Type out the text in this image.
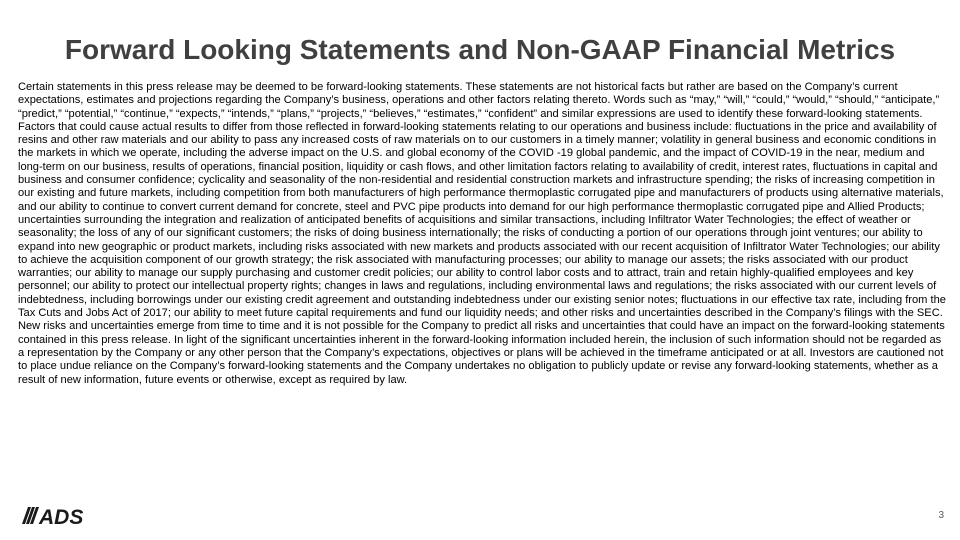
Forward Looking Statements and Non-GAAP Financial Metrics

Certain statements in this press release may be deemed to be forward-looking statements. These statements are not historical facts but rather are based on the Company’s current expectations, estimates and projections regarding the Company’s business, operations and other factors relating thereto. Words such as “may,” “will,” “could,” “would,” “should,” “anticipate,” “predict,” “potential,” “continue,” “expects,” “intends,” “plans,” “projects,” “believes,” “estimates,” “confident” and similar expressions are used to identify these forward-looking statements. Factors that could cause actual results to differ from those reflected in forward-looking statements relating to our operations and business include: fluctuations in the price and availability of resins and other raw materials and our ability to pass any increased costs of raw materials on to our customers in a timely manner; volatility in general business and economic conditions in the markets in which we operate, including the adverse impact on the U.S. and global economy of the COVID -19 global pandemic, and the impact of COVID-19 in the near, medium and long-term on our business, results of operations, financial position, liquidity or cash flows, and other limitation factors relating to availability of credit, interest rates, fluctuations in capital and business and consumer confidence; cyclicality and seasonality of the non-residential and residential construction markets and infrastructure spending; the risks of increasing competition in our existing and future markets, including competition from both manufacturers of high performance thermoplastic corrugated pipe and manufacturers of products using alternative materials, and our ability to continue to convert current demand for concrete, steel and PVC pipe products into demand for our high performance thermoplastic corrugated pipe and Allied Products; uncertainties surrounding the integration and realization of anticipated benefits of acquisitions and similar transactions, including Infiltrator Water Technologies; the effect of weather or seasonality; the loss of any of our significant customers; the risks of doing business internationally; the risks of conducting a portion of our operations through joint ventures; our ability to expand into new geographic or product markets, including risks associated with new markets and products associated with our recent acquisition of Infiltrator Water Technologies; our ability to achieve the acquisition component of our growth strategy; the risk associated with manufacturing processes; our ability to manage our assets; the risks associated with our product warranties; our ability to manage our supply purchasing and customer credit policies; our ability to control labor costs and to attract, train and retain highly-qualified employees and key personnel; our ability to protect our intellectual property rights; changes in laws and regulations, including environmental laws and regulations; the risks associated with our current levels of indebtedness, including borrowings under our existing credit agreement and outstanding indebtedness under our existing senior notes; fluctuations in our effective tax rate, including from the Tax Cuts and Jobs Act of 2017; our ability to meet future capital requirements and fund our liquidity needs; and other risks and uncertainties described in the Company’s filings with the SEC. New risks and uncertainties emerge from time to time and it is not possible for the Company to predict all risks and uncertainties that could have an impact on the forward-looking statements contained in this press release. In light of the significant uncertainties inherent in the forward-looking information included herein, the inclusion of such information should not be regarded as a representation by the Company or any other person that the Company’s expectations, objectives or plans will be achieved in the timeframe anticipated or at all. Investors are cautioned not to place undue reliance on the Company’s forward-looking statements and the Company undertakes no obligation to publicly update or revise any forward-looking statements, whether as a result of new information, future events or otherwise, except as required by law.

ADS	3
